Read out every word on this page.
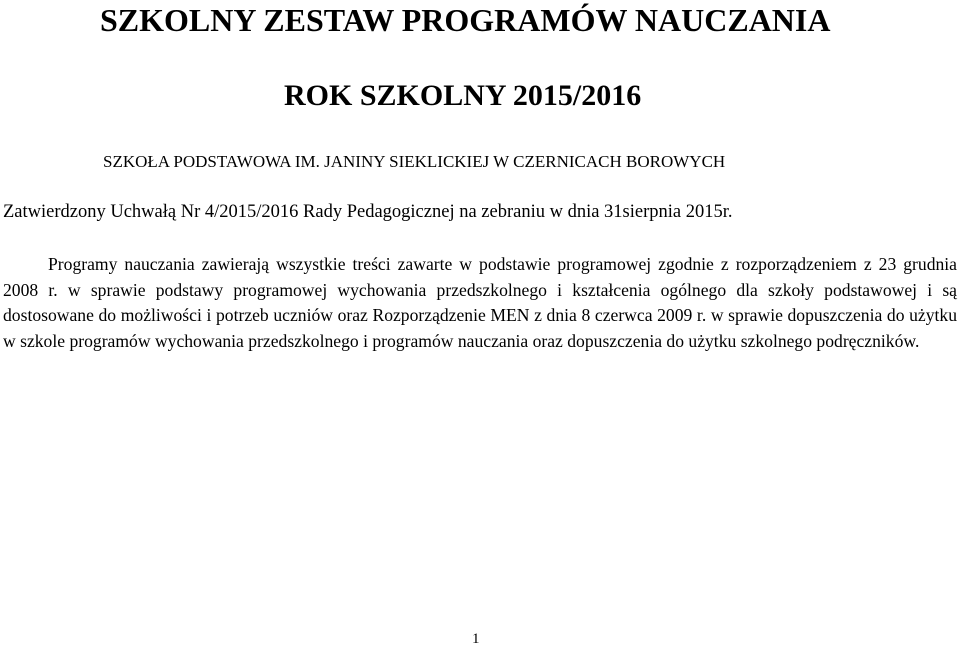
SZKOLNY ZESTAW PROGRAMÓW NAUCZANIA
ROK SZKOLNY 2015/2016
SZKOŁA PODSTAWOWA IM. JANINY SIEKLICKIEJ W CZERNICACH BOROWYCH
Zatwierdzony Uchwałą Nr 4/2015/2016 Rady Pedagogicznej na zebraniu w dnia 31sierpnia 2015r.

Programy nauczania zawierają wszystkie treści zawarte w podstawie programowej zgodnie z rozporządzeniem z 23 grudnia 2008 r. w sprawie podstawy programowej wychowania przedszkolnego i kształcenia ogólnego dla szkoły podstawowej i są dostosowane do możliwości i potrzeb uczniów oraz Rozporządzenie MEN z dnia 8 czerwca 2009 r. w sprawie dopuszczenia do użytku w szkole programów wychowania przedszkolnego i programów nauczania oraz dopuszczenia do użytku szkolnego podręczników.

1
